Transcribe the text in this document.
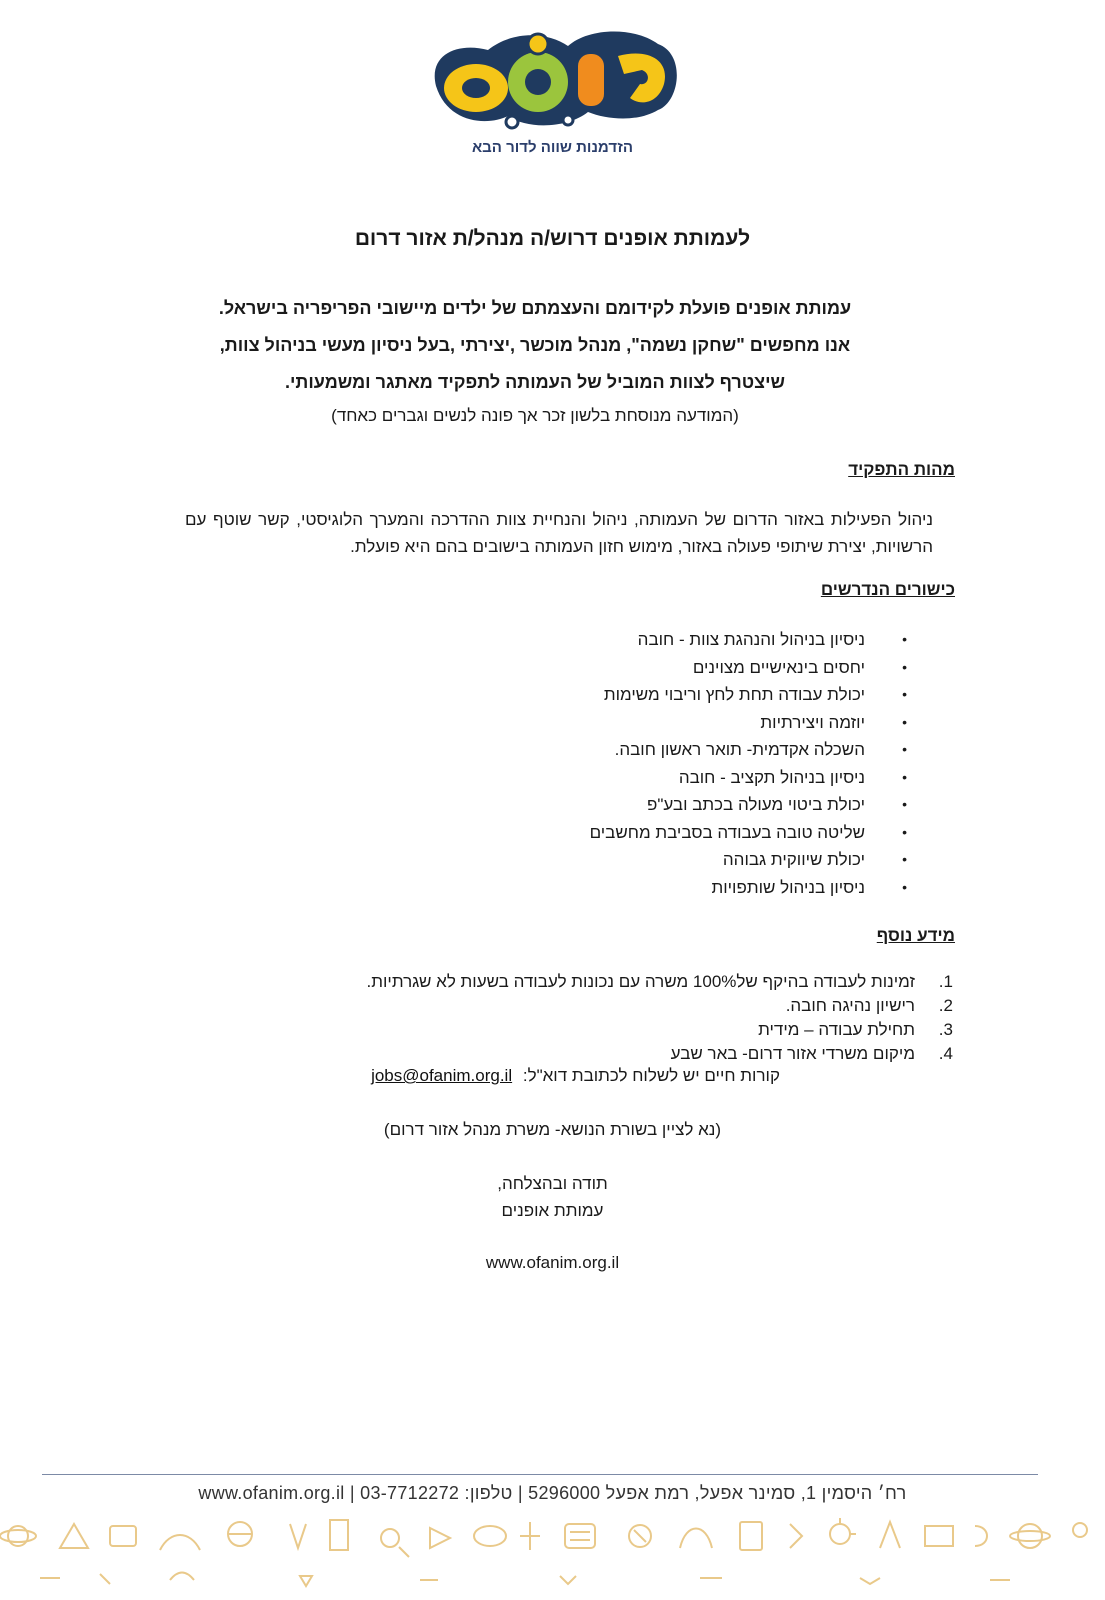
הזדמנות שווה לדור הבא
לעמותת אופנים דרוש/ה מנהל/ת אזור דרום

עמותת אופנים פועלת לקידומם והעצמתם של ילדים מיישובי הפריפריה בישראל.

אנו מחפשים "שחקן נשמה", מנהל מוכשר ,יצירתי ,בעל ניסיון מעשי בניהול צוות,

שיצטרף לצוות המוביל של העמותה לתפקיד מאתגר ומשמעותי.

(המודעה מנוסחת בלשון זכר אך פונה לנשים וגברים כאחד)

מהות התפקיד

ניהול הפעילות באזור הדרום של העמותה, ניהול והנחיית צוות ההדרכה והמערך הלוגיסטי, קשר שוטף עם הרשויות, יצירת שיתופי פעולה באזור, מימוש חזון העמותה בישובים בהם היא פועלת.

כישורים הנדרשים

•
ניסיון בניהול והנהגת צוות - חובה
•
יחסים בינאישיים מצוינים
•
יכולת עבודה תחת לחץ וריבוי משימות
•
יוזמה ויצירתיות
•
השכלה אקדמית- תואר ראשון חובה.
•
ניסיון בניהול תקציב - חובה
•
יכולת ביטוי מעולה בכתב ובע"פ
•
שליטה טובה בעבודה בסביבת מחשבים
•
יכולת שיווקית גבוהה
•
ניסיון בניהול שותפויות

מידע נוסף

1.
זמינות לעבודה בהיקף של100% משרה עם נכונות לעבודה בשעות לא שגרתיות.
2.
רישיון נהיגה חובה.
3.
תחילת עבודה – מידית
4.
מיקום משרדי אזור דרום- באר שבע
קורות חיים יש לשלוח לכתובת דוא"ל: jobs@ofanim.org.il
(נא לציין בשורת הנושא- משרת מנהל אזור דרום)
תודה ובהצלחה,
עמותת אופנים
www.ofanim.org.il
רח׳ היסמין 1, סמינר אפעל, רמת אפעל 5296000 | טלפון: 03-7712272 | www.ofanim.org.il
